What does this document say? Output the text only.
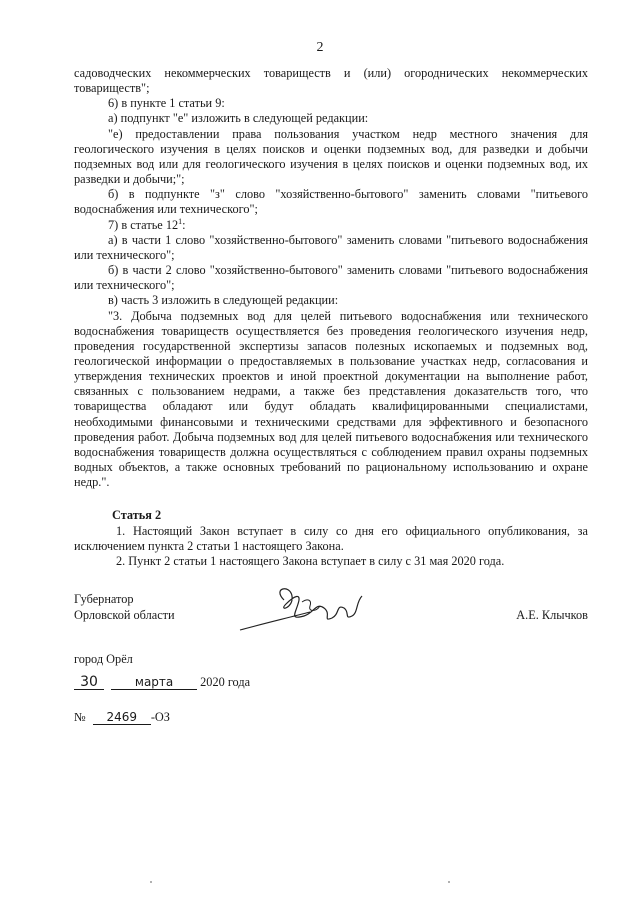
2

садоводческих некоммерческих товариществ и (или) огороднических некоммерческих товариществ";

6) в пункте 1 статьи 9:

а) подпункт "е" изложить в следующей редакции:

"е) предоставлении права пользования участком недр местного значения для геологического изучения в целях поисков и оценки подземных вод, для разведки и добычи подземных вод или для геологического изучения в целях поисков и оценки подземных вод, их разведки и добычи;";

б) в подпункте "з" слово "хозяйственно-бытового" заменить словами "питьевого водоснабжения или технического";

7) в статье $12^1$:

а) в части 1 слово "хозяйственно-бытового" заменить словами "питьевого водоснабжения или технического";

б) в части 2 слово "хозяйственно-бытового" заменить словами "питьевого водоснабжения или технического";

в) часть 3 изложить в следующей редакции:

"3. Добыча подземных вод для целей питьевого водоснабжения или технического водоснабжения товариществ осуществляется без проведения геологического изучения недр, проведения государственной экспертизы запасов полезных ископаемых и подземных вод, геологической информации о предоставляемых в пользование участках недр, согласования и утверждения технических проектов и иной проектной документации на выполнение работ, связанных с пользованием недрами, а также без представления доказательств того, что товарищества обладают или будут обладать квалифицированными специалистами, необходимыми финансовыми и техническими средствами для эффективного и безопасного проведения работ. Добыча подземных вод для целей питьевого водоснабжения или технического водоснабжения товариществ должна осуществляться с соблюдением правил охраны подземных водных объектов, а также основных требований по рациональному использованию и охране недр.".

Статья 2

1. Настоящий Закон вступает в силу со дня его официального опубликования, за исключением пункта 2 статьи 1 настоящего Закона.

2. Пункт 2 статьи 1 настоящего Закона вступает в силу с 31 мая 2020 года.

Губернатор
Орловской области	А.Е. Клычков
город Орёл
30	марта 2020 года
№ 2469 -ОЗ
